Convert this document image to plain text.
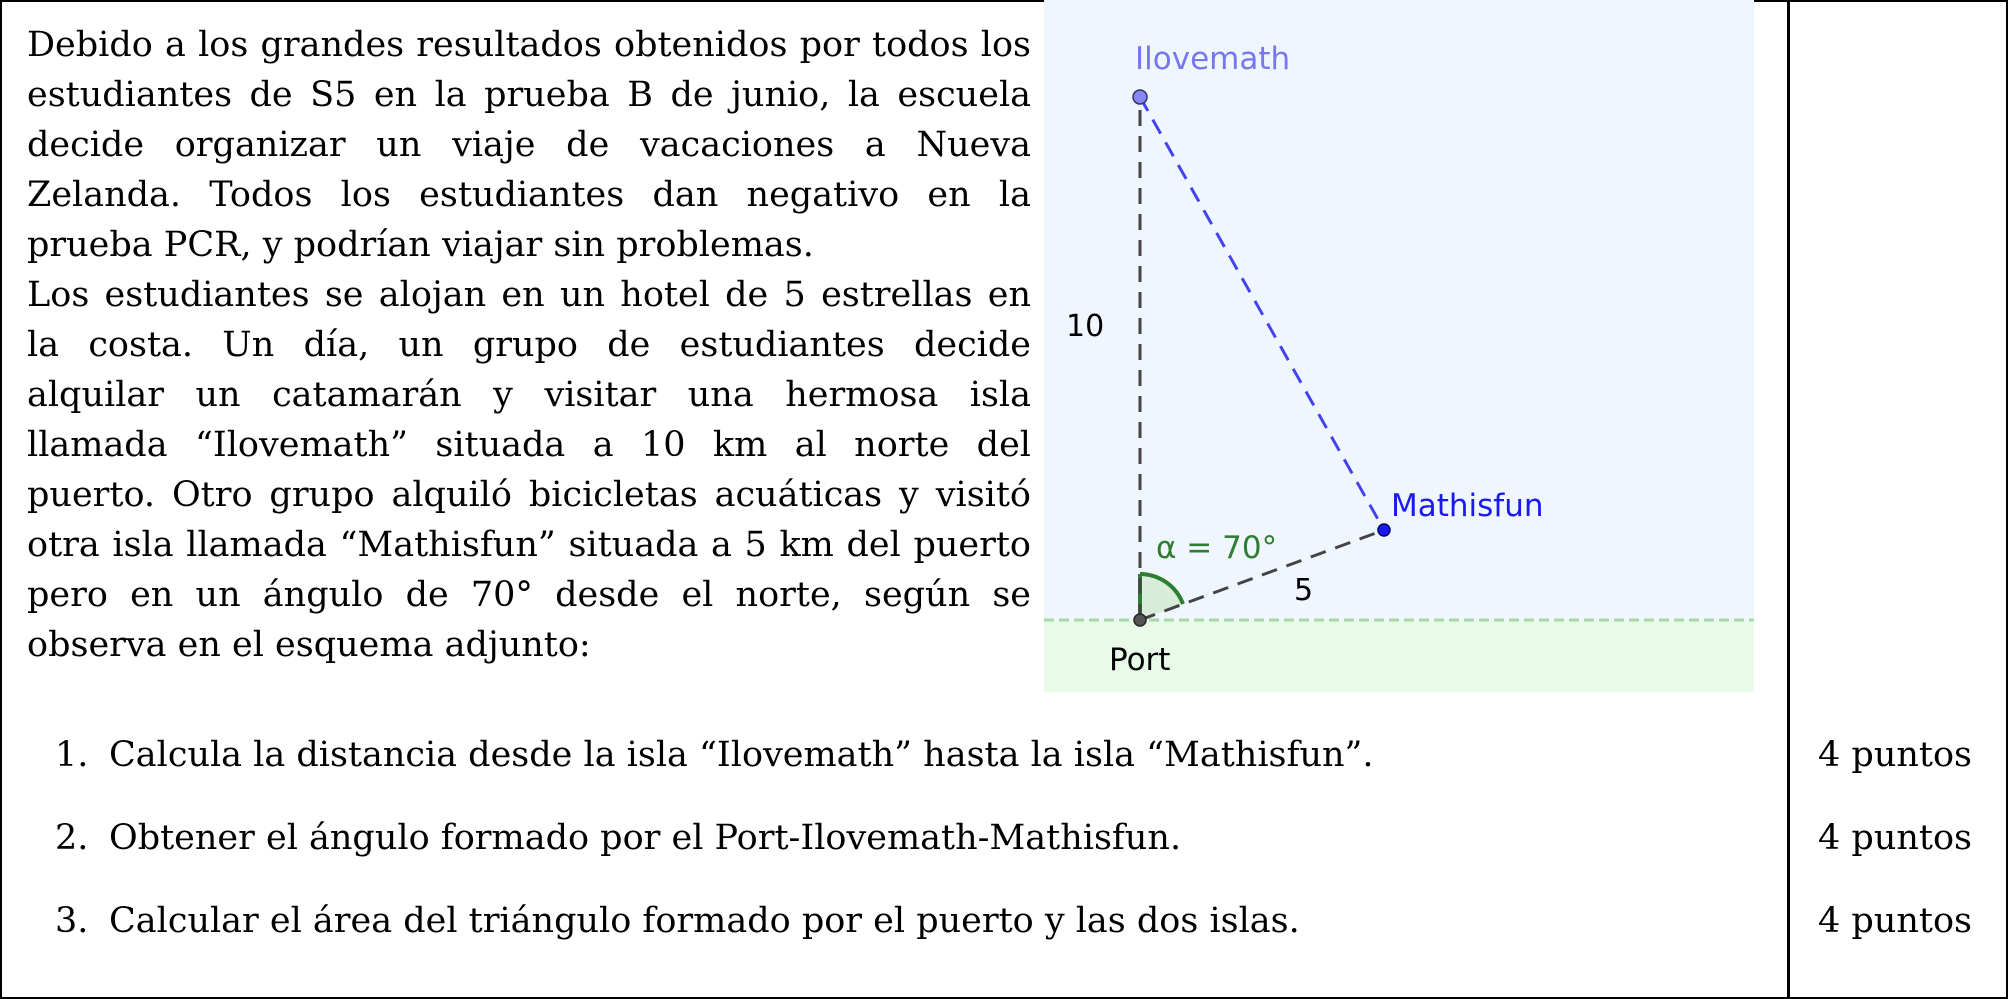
Debido a los grandes resultados obtenidos por todos los estudiantes de S5 en la prueba B de junio, la escuela decide organizar un viaje de vacaciones a Nueva Zelanda. Todos los estudiantes dan negativo en la prueba PCR, y podrían viajar sin problemas.

Los estudiantes se alojan en un hotel de 5 estrellas en la costa. Un día, un grupo de estudiantes decide alquilar un catamarán y visitar una hermosa isla llamada “Ilovemath” situada a 10 km al norte del puerto. Otro grupo alquiló bicicletas acuáticas y visitó otra isla llamada “Mathisfun” situada a 5 km del puerto pero en un ángulo de 70° desde el norte, según se observa en el esquema adjunto:

Ilovemath
Mathisfun
Port
10
5
α = 70°
1. Calcula la distancia desde la isla “Ilovemath” hasta la isla “Mathisfun”.	4 puntos
2. Obtener el ángulo formado por el Port-Ilovemath-Mathisfun.	4 puntos
3. Calcular el área del triángulo formado por el puerto y las dos islas.	4 puntos
